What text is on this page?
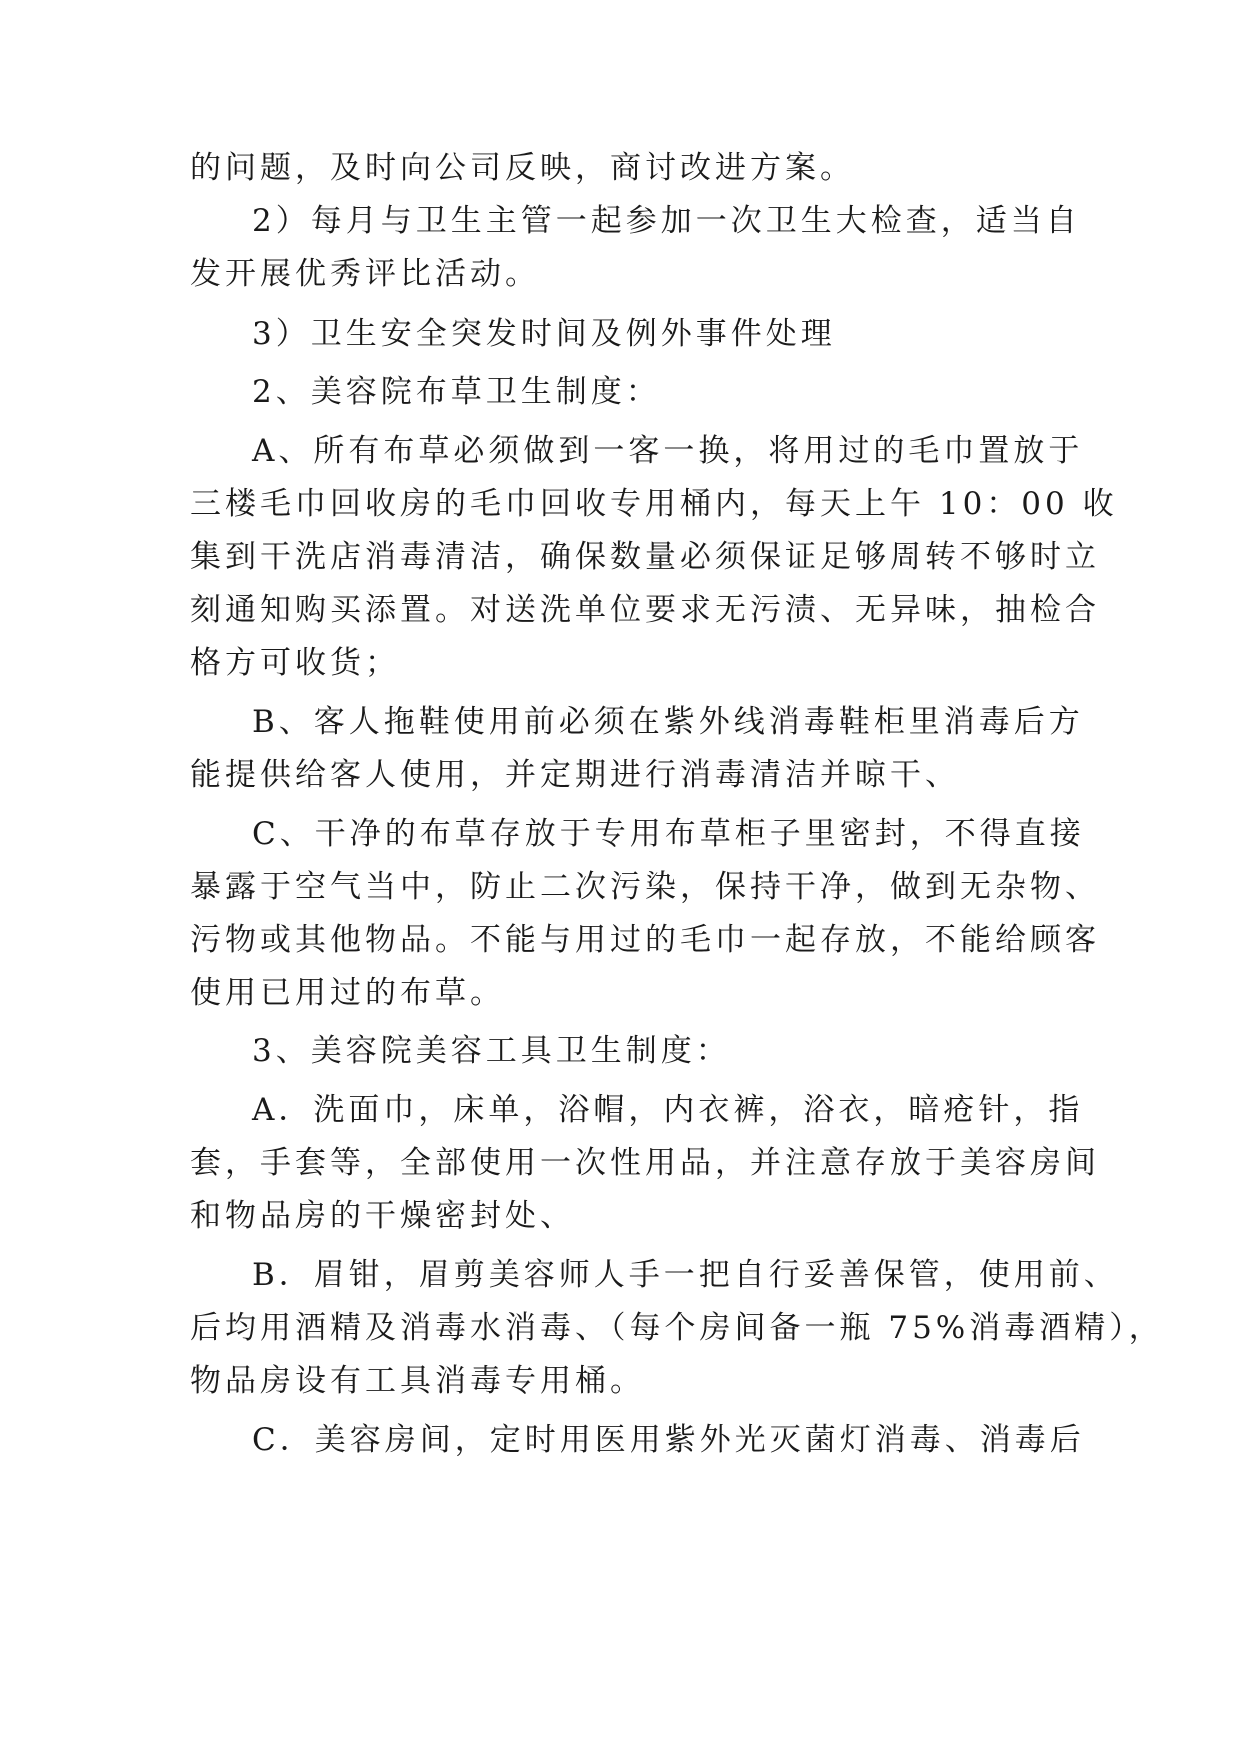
的问题，及时向公司反映，商讨改进方案。
2）每月与卫生主管一起参加一次卫生大检查，适当自
发开展优秀评比活动。
3）卫生安全突发时间及例外事件处理
2、美容院布草卫生制度：
A、所有布草必须做到一客一换，将用过的毛巾置放于
三楼毛巾回收房的毛巾回收专用桶内，每天上午 10：00 收
集到干洗店消毒清洁，确保数量必须保证足够周转不够时立
刻通知购买添置。对送洗单位要求无污渍、无异味，抽检合
格方可收货；
B、客人拖鞋使用前必须在紫外线消毒鞋柜里消毒后方
能提供给客人使用，并定期进行消毒清洁并晾干、
C、干净的布草存放于专用布草柜子里密封，不得直接
暴露于空气当中，防止二次污染，保持干净，做到无杂物、
污物或其他物品。不能与用过的毛巾一起存放，不能给顾客
使用已用过的布草。
3、美容院美容工具卫生制度：
A．洗面巾，床单，浴帽，内衣裤，浴衣，暗疮针，指
套，手套等，全部使用一次性用品，并注意存放于美容房间
和物品房的干燥密封处、
B．眉钳，眉剪美容师人手一把自行妥善保管，使用前、
后均用酒精及消毒水消毒、（每个房间备一瓶 75%消毒酒精），
物品房设有工具消毒专用桶。
C．美容房间，定时用医用紫外光灭菌灯消毒、消毒后
